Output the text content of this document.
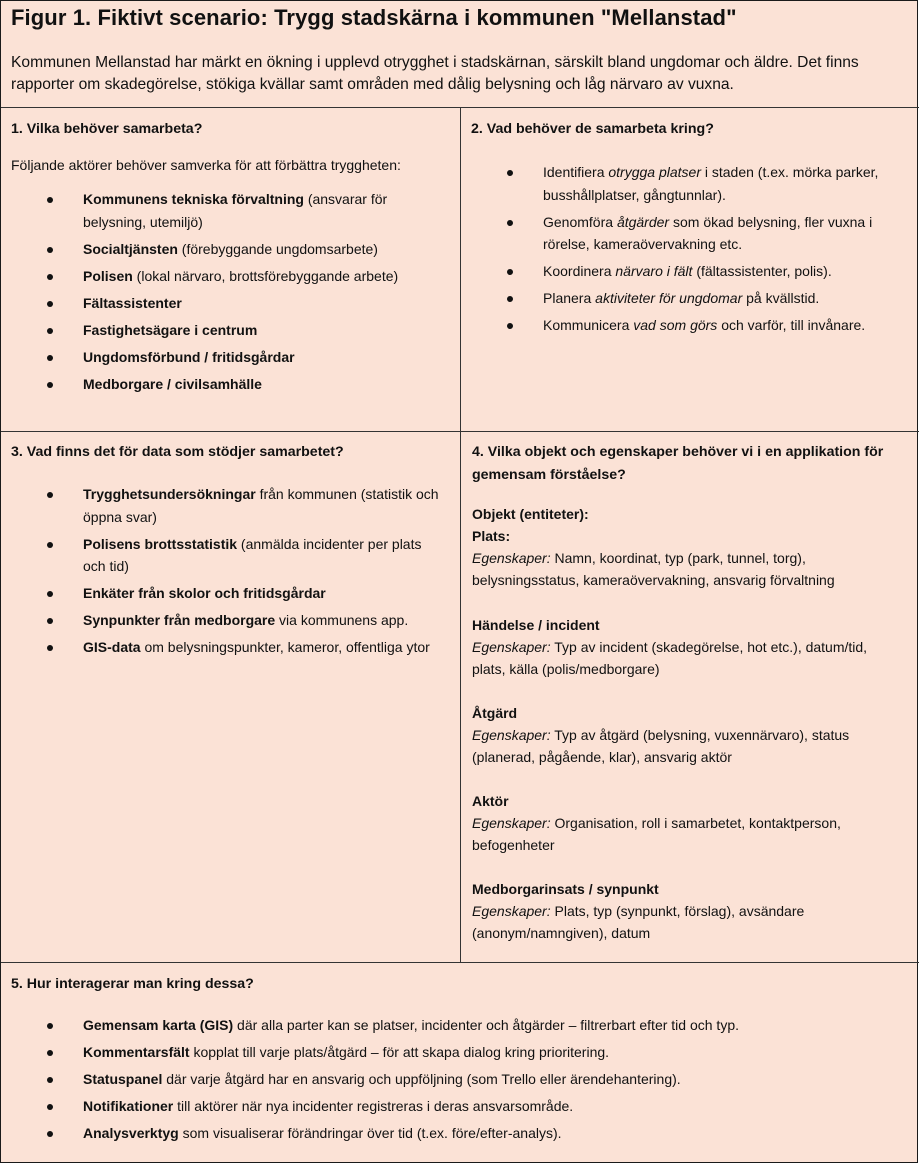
Figur 1. Fiktivt scenario: Trygg stadskärna i kommunen "Mellanstad"
Kommunen Mellanstad har märkt en ökning i upplevd otrygghet i stadskärnan, särskilt bland ungdomar och äldre. Det finns rapporter om skadegörelse, stökiga kvällar samt områden med dålig belysning och låg närvaro av vuxna.
1. Vilka behöver samarbeta?

Följande aktörer behöver samverka för att förbättra tryggheten:

Kommunens tekniska förvaltning (ansvarar för belysning, utemiljö)
Socialtjänsten (förebyggande ungdomsarbete)
Polisen (lokal närvaro, brottsförebyggande arbete)
Fältassistenter
Fastighetsägare i centrum
Ungdomsförbund / fritidsgårdar
Medborgare / civilsamhälle
2. Vad behöver de samarbeta kring?
Identifiera otrygga platser i staden (t.ex. mörka parker, busshållplatser, gångtunnlar).
Genomföra åtgärder som ökad belysning, fler vuxna i rörelse, kameraövervakning etc.
Koordinera närvaro i fält (fältassistenter, polis).
Planera aktiviteter för ungdomar på kvällstid.
Kommunicera vad som görs och varför, till invånare.
3. Vad finns det för data som stödjer samarbetet?
Trygghetsundersökningar från kommunen (statistik och öppna svar)
Polisens brottsstatistik (anmälda incidenter per plats och tid)
Enkäter från skolor och fritidsgårdar
Synpunkter från medborgare via kommunens app.
GIS-data om belysningspunkter, kameror, offentliga ytor
4. Vilka objekt och egenskaper behöver vi i en applikation för gemensam förståelse?
Objekt (entiteter):
Plats:
Egenskaper: Namn, koordinat, typ (park, tunnel, torg), belysningsstatus, kameraövervakning, ansvarig förvaltning
Händelse / incident
Egenskaper: Typ av incident (skadegörelse, hot etc.), datum/tid, plats, källa (polis/medborgare)
Åtgärd
Egenskaper: Typ av åtgärd (belysning, vuxennärvaro), status (planerad, pågående, klar), ansvarig aktör
Aktör
Egenskaper: Organisation, roll i samarbetet, kontaktperson, befogenheter
Medborgarinsats / synpunkt
Egenskaper: Plats, typ (synpunkt, förslag), avsändare (anonym/namngiven), datum
5. Hur interagerar man kring dessa?
Gemensam karta (GIS) där alla parter kan se platser, incidenter och åtgärder – filtrerbart efter tid och typ.
Kommentarsfält kopplat till varje plats/åtgärd – för att skapa dialog kring prioritering.
Statuspanel där varje åtgärd har en ansvarig och uppföljning (som Trello eller ärendehantering).
Notifikationer till aktörer när nya incidenter registreras i deras ansvarsområde.
Analysverktyg som visualiserar förändringar över tid (t.ex. före/efter-analys).
